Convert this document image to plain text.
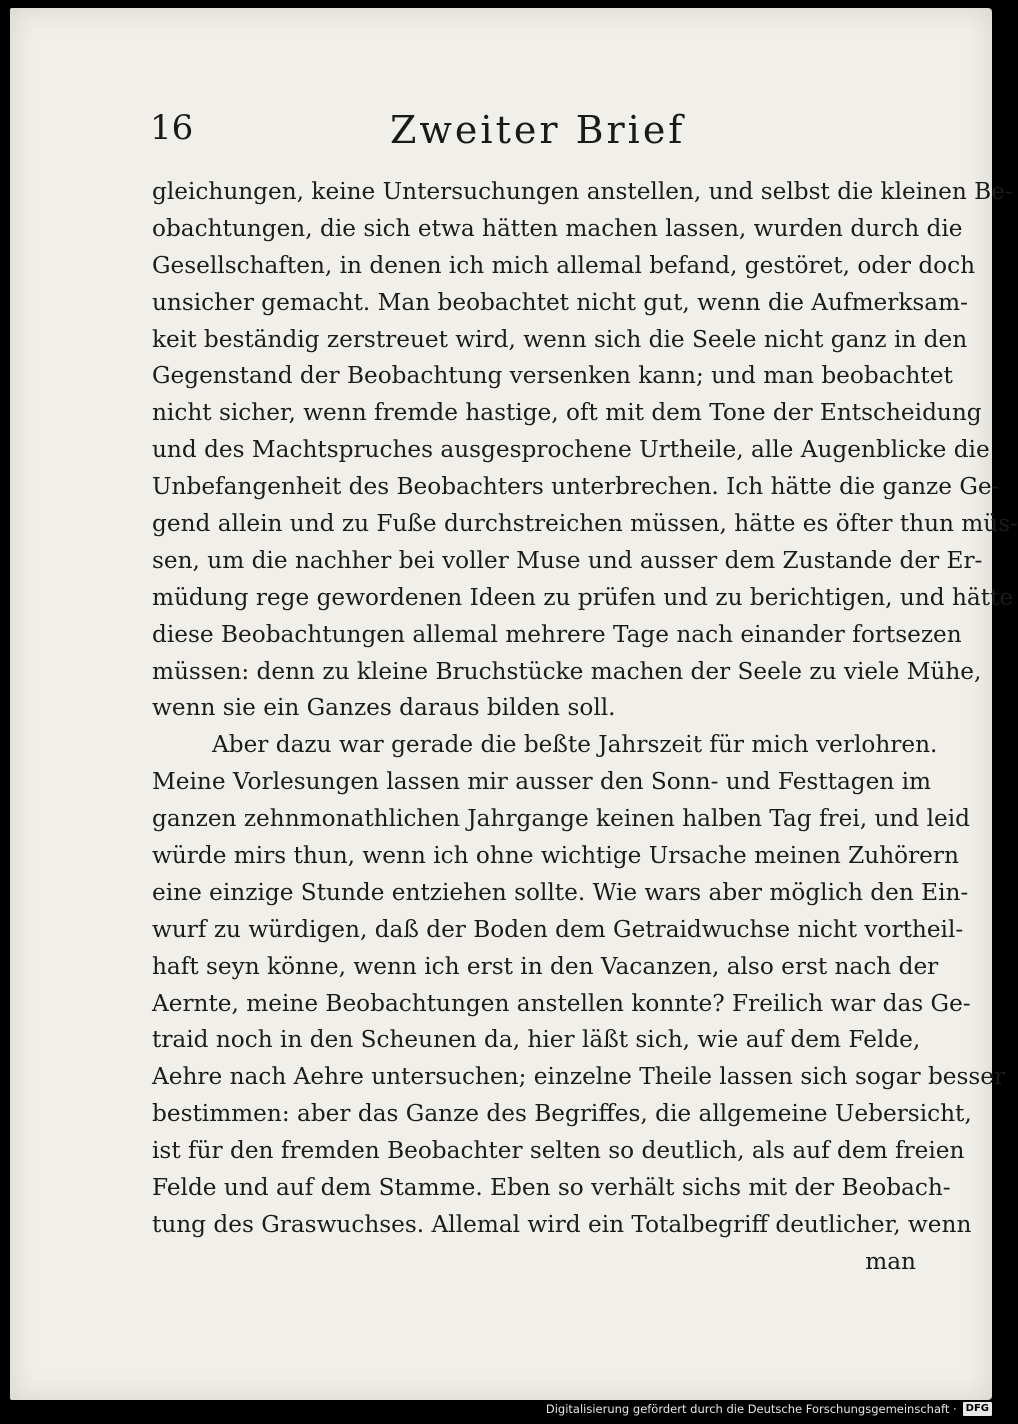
16	Zweiter Brief
gleichungen, keine Untersuchungen anstellen, und selbst die kleinen Be-
obachtungen, die sich etwa hätten machen lassen, wurden durch die
Gesellschaften, in denen ich mich allemal befand, gestöret, oder doch
unsicher gemacht. Man beobachtet nicht gut, wenn die Aufmerksam-
keit beständig zerstreuet wird, wenn sich die Seele nicht ganz in den
Gegenstand der Beobachtung versenken kann; und man beobachtet
nicht sicher, wenn fremde hastige, oft mit dem Tone der Entscheidung
und des Machtspruches ausgesprochene Urtheile, alle Augenblicke die
Unbefangenheit des Beobachters unterbrechen. Ich hätte die ganze Ge-
gend allein und zu Fuße durchstreichen müssen, hätte es öfter thun müs-
sen, um die nachher bei voller Muse und ausser dem Zustande der Er-
müdung rege gewordenen Ideen zu prüfen und zu berichtigen, und hätte
diese Beobachtungen allemal mehrere Tage nach einander fortsezen
müssen: denn zu kleine Bruchstücke machen der Seele zu viele Mühe,
wenn sie ein Ganzes daraus bilden soll.
Aber dazu war gerade die beßte Jahrszeit für mich verlohren.
Meine Vorlesungen lassen mir ausser den Sonn- und Festtagen im
ganzen zehnmonathlichen Jahrgange keinen halben Tag frei, und leid
würde mirs thun, wenn ich ohne wichtige Ursache meinen Zuhörern
eine einzige Stunde entziehen sollte. Wie wars aber möglich den Ein-
wurf zu würdigen, daß der Boden dem Getraidwuchse nicht vortheil-
haft seyn könne, wenn ich erst in den Vacanzen, also erst nach der
Aernte, meine Beobachtungen anstellen konnte? Freilich war das Ge-
traid noch in den Scheunen da, hier läßt sich, wie auf dem Felde,
Aehre nach Aehre untersuchen; einzelne Theile lassen sich sogar besser
bestimmen: aber das Ganze des Begriffes, die allgemeine Uebersicht,
ist für den fremden Beobachter selten so deutlich, als auf dem freien
Felde und auf dem Stamme. Eben so verhält sichs mit der Beobach-
tung des Graswuchses. Allemal wird ein Totalbegriff deutlicher, wenn
man
Digitalisierung gefördert durch die Deutsche Forschungsgemeinschaft · DFG
